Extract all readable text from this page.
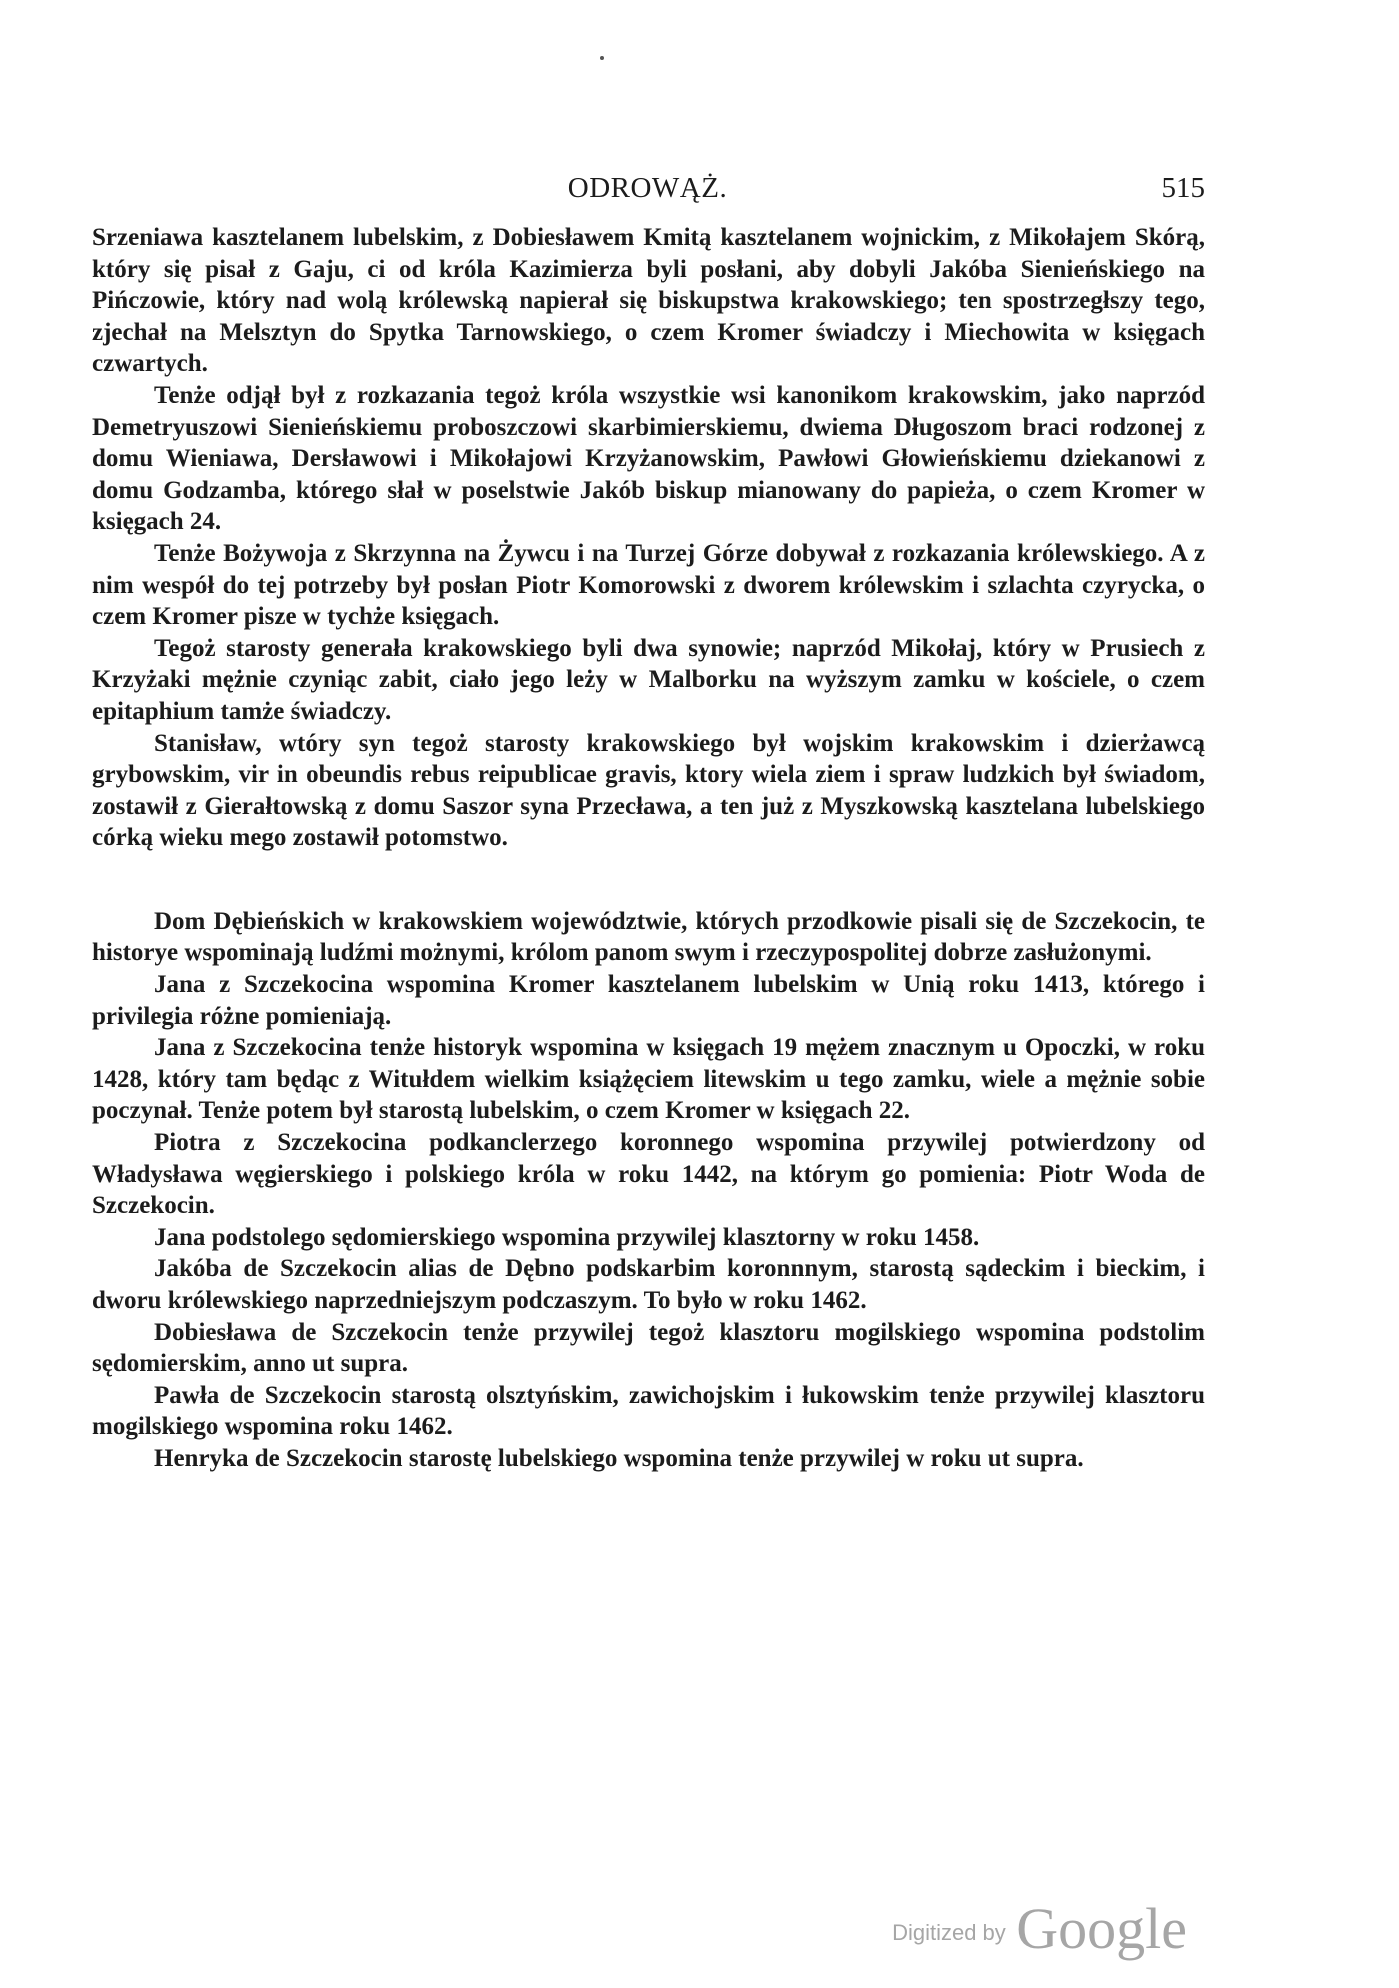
ODROWĄŻ.	515

Srzeniawa kasztelanem lubelskim, z Dobiesławem Kmitą kasztelanem wojnickim, z Mikołajem Skórą, który się pisał z Gaju, ci od króla Kazimierza byli posłani, aby dobyli Jakóba Sienieńskiego na Pińczowie, który nad wolą królewską napierał się biskupstwa krakowskiego; ten spostrzegłszy tego, zjechał na Melsztyn do Spytka Tarnowskiego, o czem Kromer świadczy i Miechowita w księgach czwartych.

Tenże odjął był z rozkazania tegoż króla wszystkie wsi kanonikom krakowskim, jako naprzód Demetryuszowi Sienieńskiemu proboszczowi skarbimierskiemu, dwiema Długoszom braci rodzonej z domu Wieniawa, Dersławowi i Mikołajowi Krzyżanowskim, Pawłowi Głowieńskiemu dziekanowi z domu Godzamba, którego słał w poselstwie Jakób biskup mianowany do papieża, o czem Kromer w księgach 24.

Tenże Bożywoja z Skrzynna na Żywcu i na Turzej Górze dobywał z rozkazania królewskiego. A z nim wespół do tej potrzeby był posłan Piotr Komorowski z dworem królewskim i szlachta czyrycka, o czem Kromer pisze w tychże księgach.

Tegoż starosty generała krakowskiego byli dwa synowie; naprzód Mikołaj, który w Prusiech z Krzyżaki mężnie czyniąc zabit, ciało jego leży w Malborku na wyższym zamku w kościele, o czem epitaphium tamże świadczy.

Stanisław, wtóry syn tegoż starosty krakowskiego był wojskim krakowskim i dzierżawcą grybowskim, vir in obeundis rebus reipublicae gravis, ktory wiela ziem i spraw ludzkich był świadom, zostawił z Gierałtowską z domu Saszor syna Przecława, a ten już z Myszkowską kasztelana lubelskiego córką wieku mego zostawił potomstwo.

Dom Dębieńskich w krakowskiem województwie, których przodkowie pisali się de Szczekocin, te historye wspominają ludźmi możnymi, królom panom swym i rzeczypospolitej dobrze zasłużonymi.

Jana z Szczekocina wspomina Kromer kasztelanem lubelskim w Unią roku 1413, którego i privilegia różne pomieniają.

Jana z Szczekocina tenże historyk wspomina w księgach 19 mężem znacznym u Opoczki, w roku 1428, który tam będąc z Witułdem wielkim książęciem litewskim u tego zamku, wiele a mężnie sobie poczynał. Tenże potem był starostą lubelskim, o czem Kromer w księgach 22.

Piotra z Szczekocina podkanclerzego koronnego wspomina przywilej potwierdzony od Władysława węgierskiego i polskiego króla w roku 1442, na którym go pomienia: Piotr Woda de Szczekocin.

Jana podstolego sędomierskiego wspomina przywilej klasztorny w roku 1458.

Jakóba de Szczekocin alias de Dębno podskarbim koronnnym, starostą sądeckim i bieckim, i dworu królewskiego naprzedniejszym podczaszym. To było w roku 1462.

Dobiesława de Szczekocin tenże przywilej tegoż klasztoru mogilskiego wspomina podstolim sędomierskim, anno ut supra.

Pawła de Szczekocin starostą olsztyńskim, zawichojskim i łukowskim tenże przywilej klasztoru mogilskiego wspomina roku 1462.

Henryka de Szczekocin starostę lubelskiego wspomina tenże przywilej w roku ut supra.

Digitized by Google
